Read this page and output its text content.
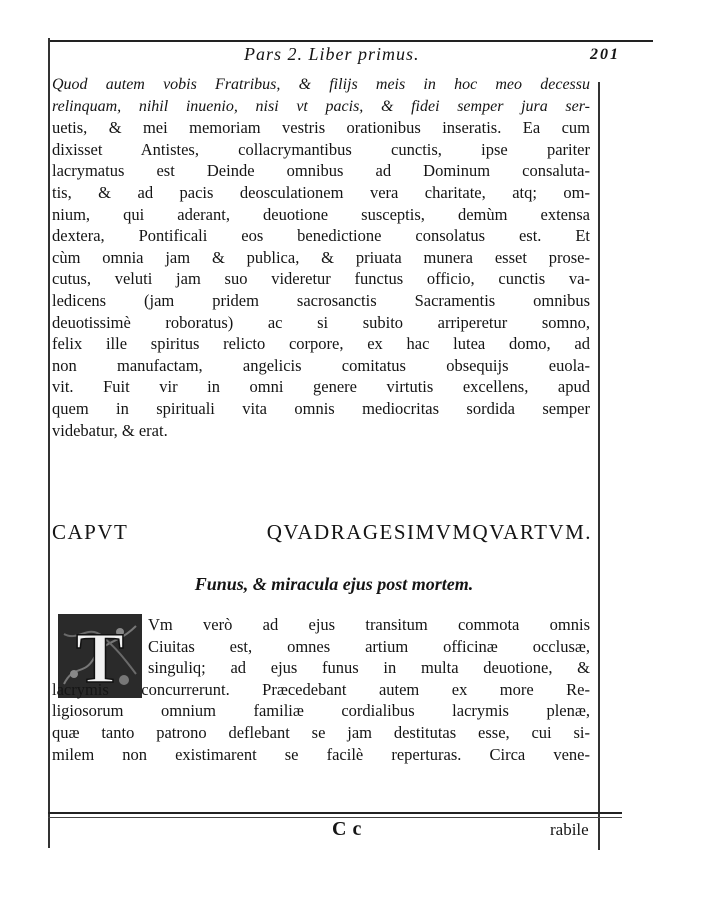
Pars 2. Liber primus.	201
Quod autem vobis Fratribus, & filijs meis in hoc meo decessu
relinquam, nihil inuenio, nisi vt pacis, & fidei semper jura ser-
uetis, & mei memoriam vestris orationibus inseratis. Ea cum
dixisset Antistes, collacrymantibus cunctis, ipse pariter
lacrymatus est Deinde omnibus ad Dominum consaluta-
tis, & ad pacis deosculationem vera charitate, atq; om-
nium, qui aderant, deuotione susceptis, demùm extensa
dextera, Pontificali eos benedictione consolatus est. Et
cùm omnia jam & publica, & priuata munera esset prose-
cutus, veluti jam suo videretur functus officio, cunctis va-
ledicens (jam pridem sacrosanctis Sacramentis omnibus
deuotissimè roboratus) ac si subito arriperetur somno,
felix ille spiritus relicto corpore, ex hac lutea domo, ad
non manufactam, angelicis comitatus obsequijs euola-
vit. Fuit vir in omni genere virtutis excellens, apud
quem in spirituali vita omnis mediocritas sordida semper
videbatur, & erat.
CAPVT	QVADRAGESIMVMQVARTVM.
Funus, & miracula ejus post mortem.
T	Vm verò ad ejus transitum commota omnis
Ciuitas est, omnes artium officinæ occlusæ,
singuliq; ad ejus funus in multa deuotione, &
lacrymis concurrerunt. Præcedebant autem ex more Re-
ligiosorum omnium familiæ cordialibus lacrymis plenæ,
quæ tanto patrono deflebant se jam destitutas esse, cui si-
milem non existimarent se facilè reperturas. Circa vene-
Cc	rabile
